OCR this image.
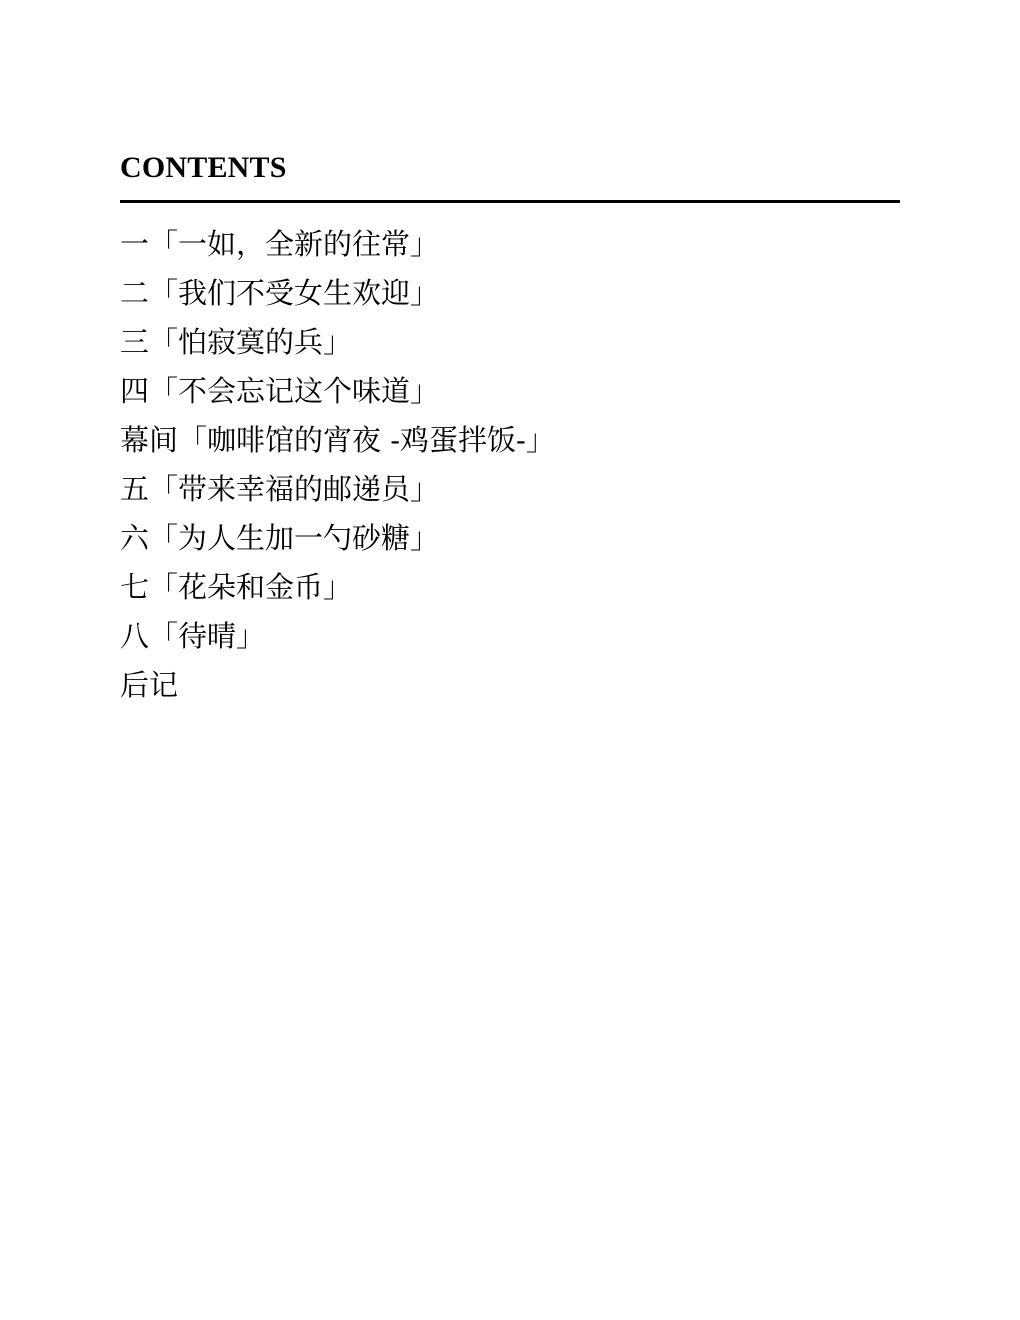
CONTENTS
一「一如，全新的往常」
二「我们不受女生欢迎」
三「怕寂寞的兵」
四「不会忘记这个味道」
幕间「咖啡馆的宵夜 -鸡蛋拌饭-」
五「带来幸福的邮递员」
六「为人生加一勺砂糖」
七「花朵和金币」
八「待晴」
后记
